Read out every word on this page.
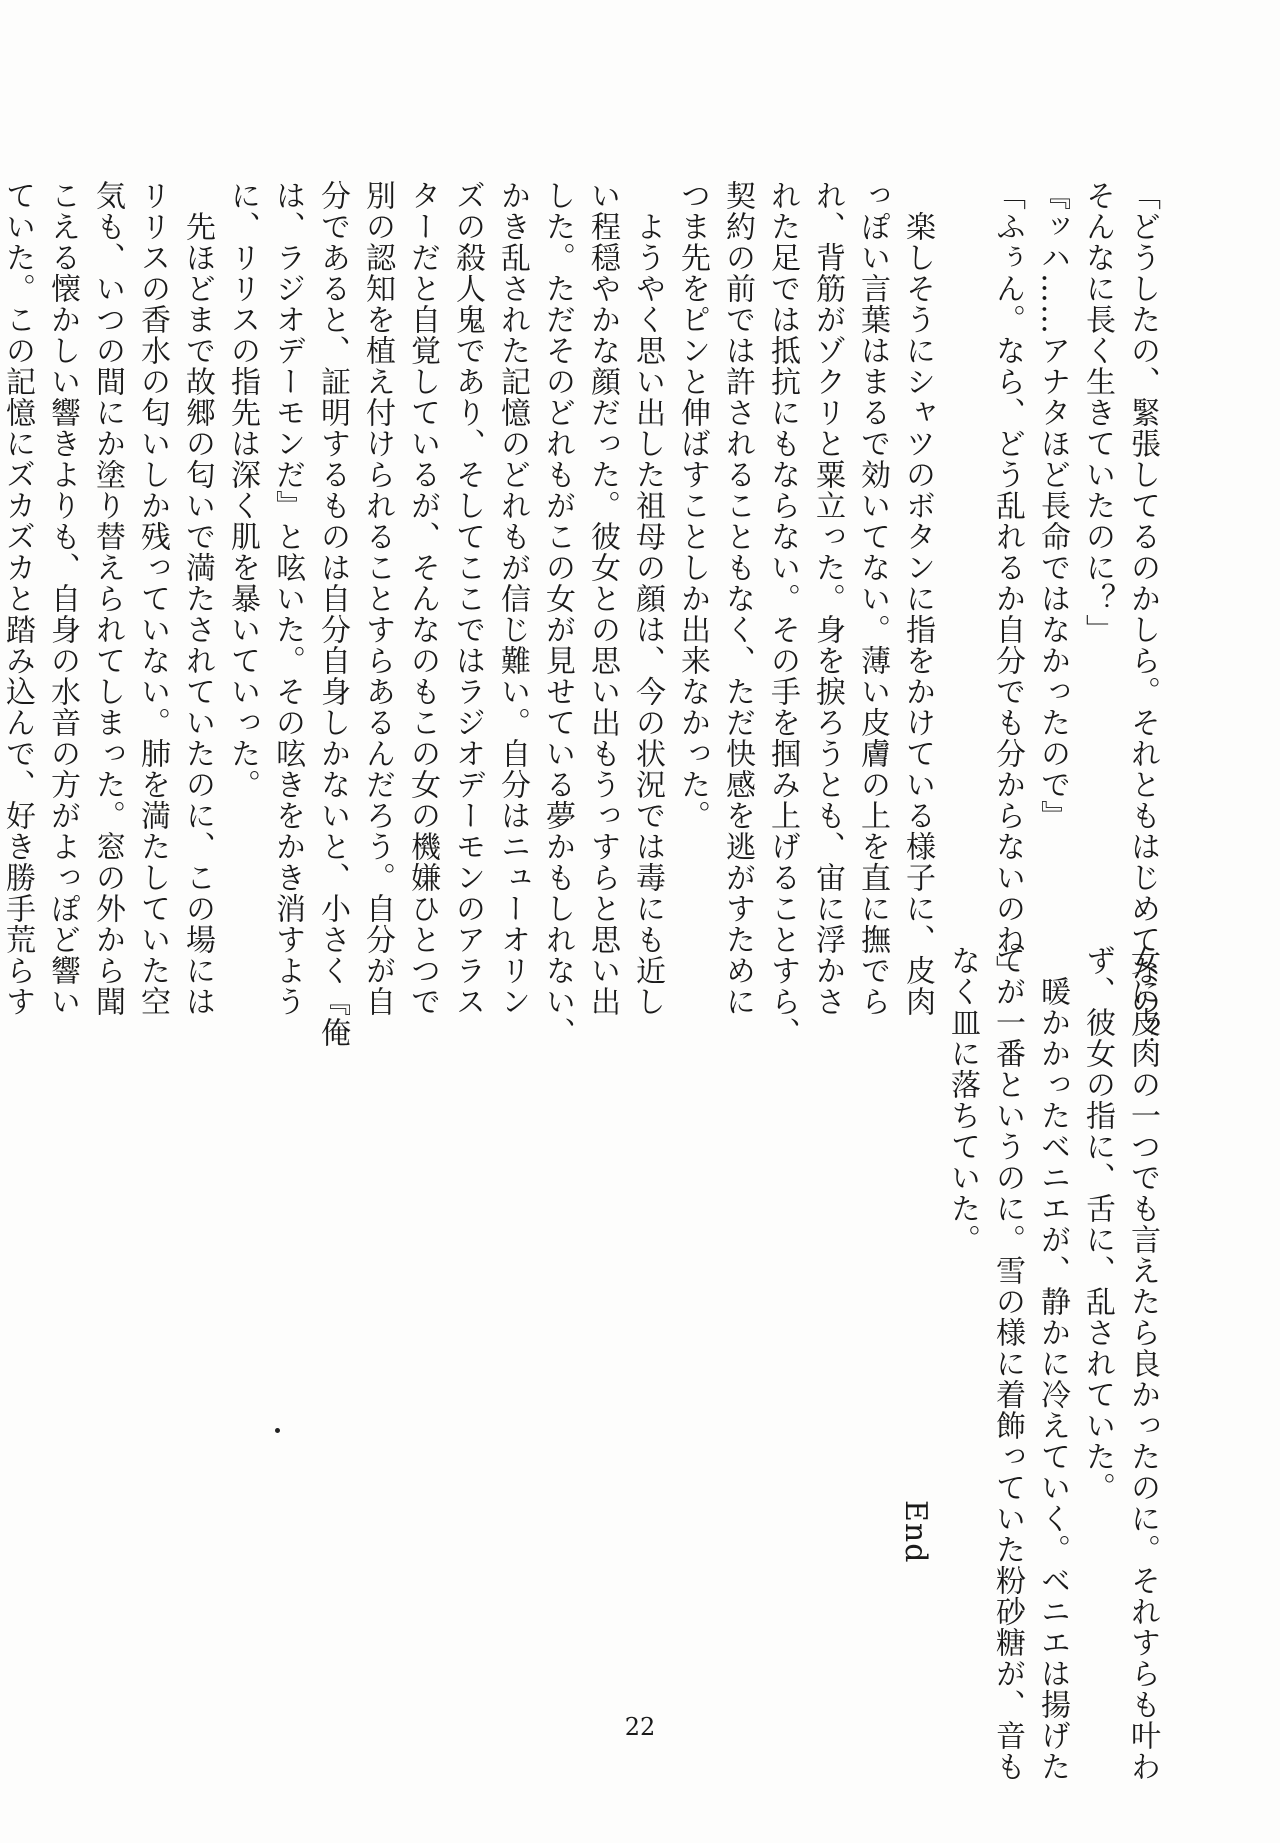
「どうしたの、緊張してるのかしら。それともはじめてなの？

そんなに長く生きていたのに？」

『ッハ……アナタほど長命ではなかったので』

「ふぅん。なら、どう乱れるか自分でも分からないのね」

　楽しそうにシャツのボタンに指をかけている様子に、皮肉

っぽい言葉はまるで効いてない。薄い皮膚の上を直に撫でら

れ、背筋がゾクリと粟立った。身を捩ろうとも、宙に浮かさ

れた足では抵抗にもならない。その手を掴み上げることすら、

契約の前では許されることもなく、ただ快感を逃がすために

つま先をピンと伸ばすことしか出来なかった。

　ようやく思い出した祖母の顔は、今の状況では毒にも近し

い程穏やかな顔だった。彼女との思い出もうっすらと思い出

した。ただそのどれもがこの女が見せている夢かもしれない、

かき乱された記憶のどれもが信じ難い。自分はニューオリン

ズの殺人鬼であり、そしてここではラジオデーモンのアラス

ターだと自覚しているが、そんなのもこの女の機嫌ひとつで

別の認知を植え付けられることすらあるんだろう。自分が自

分であると、証明するものは自分自身しかないと、小さく『俺

は、ラジオデーモンだ』と呟いた。その呟きをかき消すよう

に、リリスの指先は深く肌を暴いていった。

　先ほどまで故郷の匂いで満たされていたのに、この場には

リリスの香水の匂いしか残っていない。肺を満たしていた空

気も、いつの間にか塗り替えられてしまった。窓の外から聞

こえる懐かしい響きよりも、自身の水音の方がよっぽど響い

ていた。この記憶にズカズカと踏み込んで、好き勝手荒らす

女に皮肉の一つでも言えたら良かったのに。それすらも叶わ

ず、彼女の指に、舌に、乱されていた。

　暖かかったベニエが、静かに冷えていく。ベニエは揚げた

てが一番というのに。雪の様に着飾っていた粉砂糖が、音も

なく皿に落ちていた。

End
22
